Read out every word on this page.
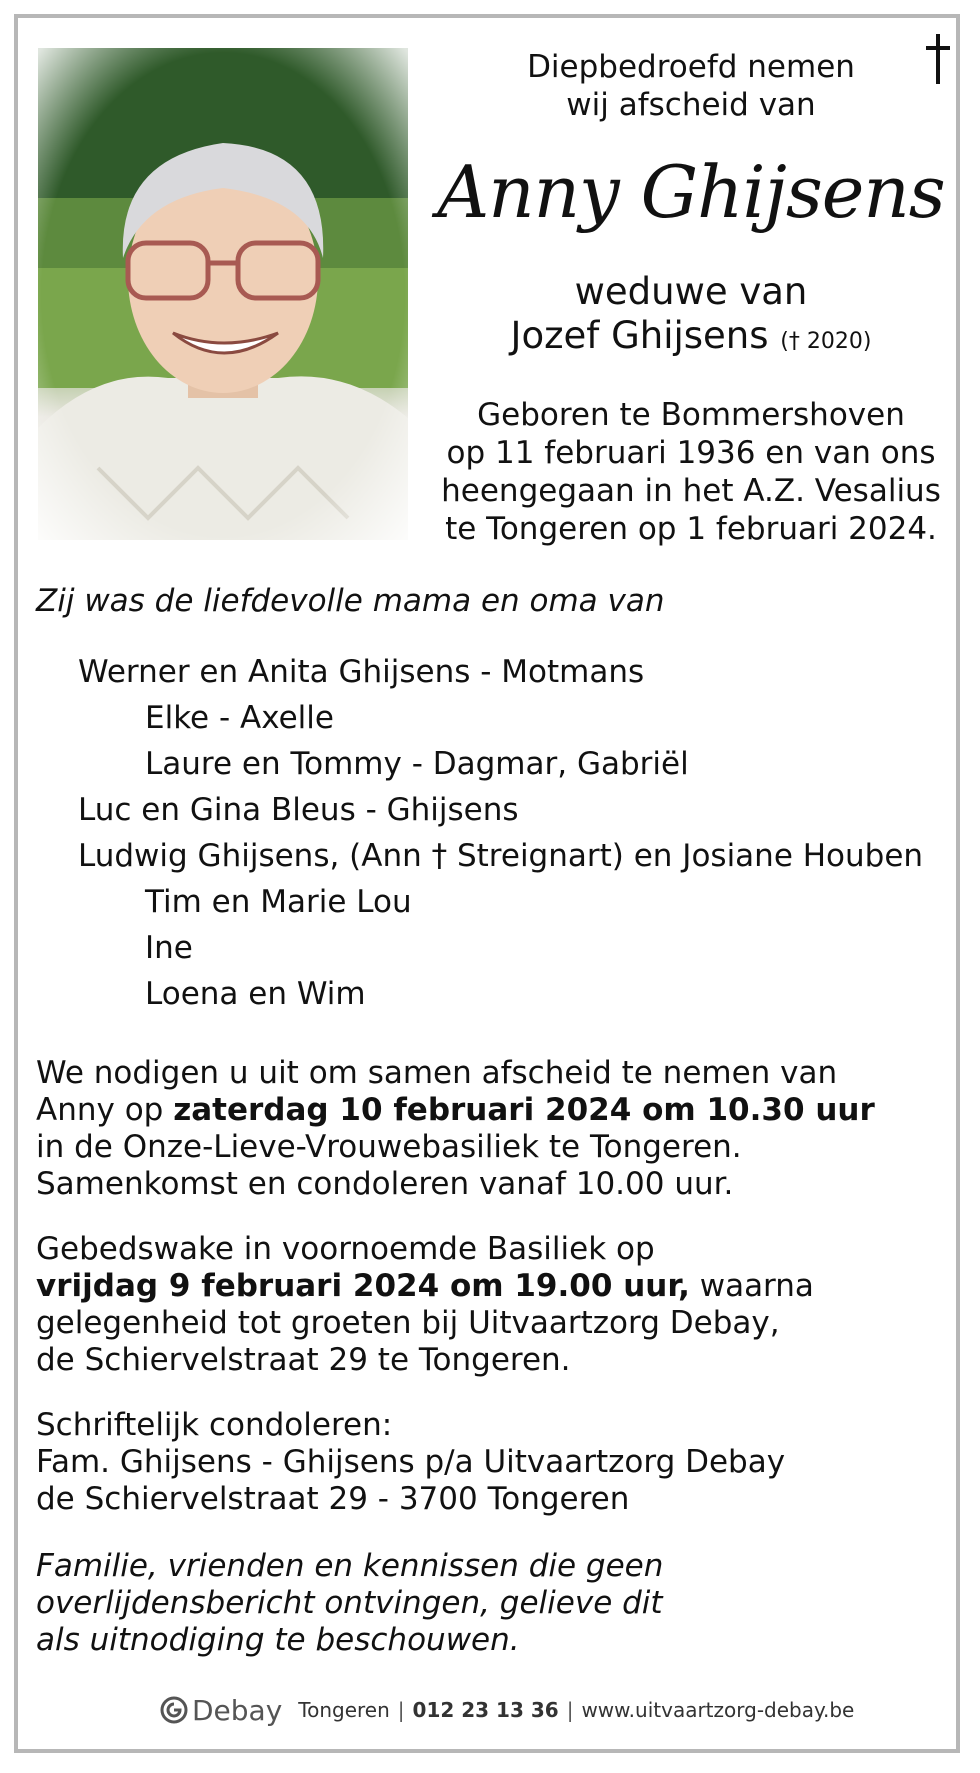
Diepbedroefd nemen
wij afscheid van
Anny Ghijsens
weduwe van
Jozef Ghijsens († 2020)
Geboren te Bommershoven
op 11 februari 1936 en van ons
heengegaan in het A.Z. Vesalius
te Tongeren op 1 februari 2024.
Zij was de liefdevolle mama en oma van
Werner en Anita Ghijsens - Motmans
Elke - Axelle
Laure en Tommy - Dagmar, Gabriël
Luc en Gina Bleus - Ghijsens
Ludwig Ghijsens, (Ann † Streignart) en Josiane Houben
Tim en Marie Lou
Ine
Loena en Wim
We nodigen u uit om samen afscheid te nemen van
Anny op zaterdag 10 februari 2024 om 10.30 uur
in de Onze-Lieve-Vrouwebasiliek te Tongeren.
Samenkomst en condoleren vanaf 10.00 uur.
Gebedswake in voornoemde Basiliek op
vrijdag 9 februari 2024 om 19.00 uur, waarna
gelegenheid tot groeten bij Uitvaartzorg Debay,
de Schiervelstraat 29 te Tongeren.
Schriftelijk condoleren:
Fam. Ghijsens - Ghijsens p/a Uitvaartzorg Debay
de Schiervelstraat 29 - 3700 Tongeren
Familie, vrienden en kennissen die geen
overlijdensbericht ontvingen, gelieve dit
als uitnodiging te beschouwen.
Debay Tongeren | 012 23 13 36 | www.uitvaartzorg-debay.be
